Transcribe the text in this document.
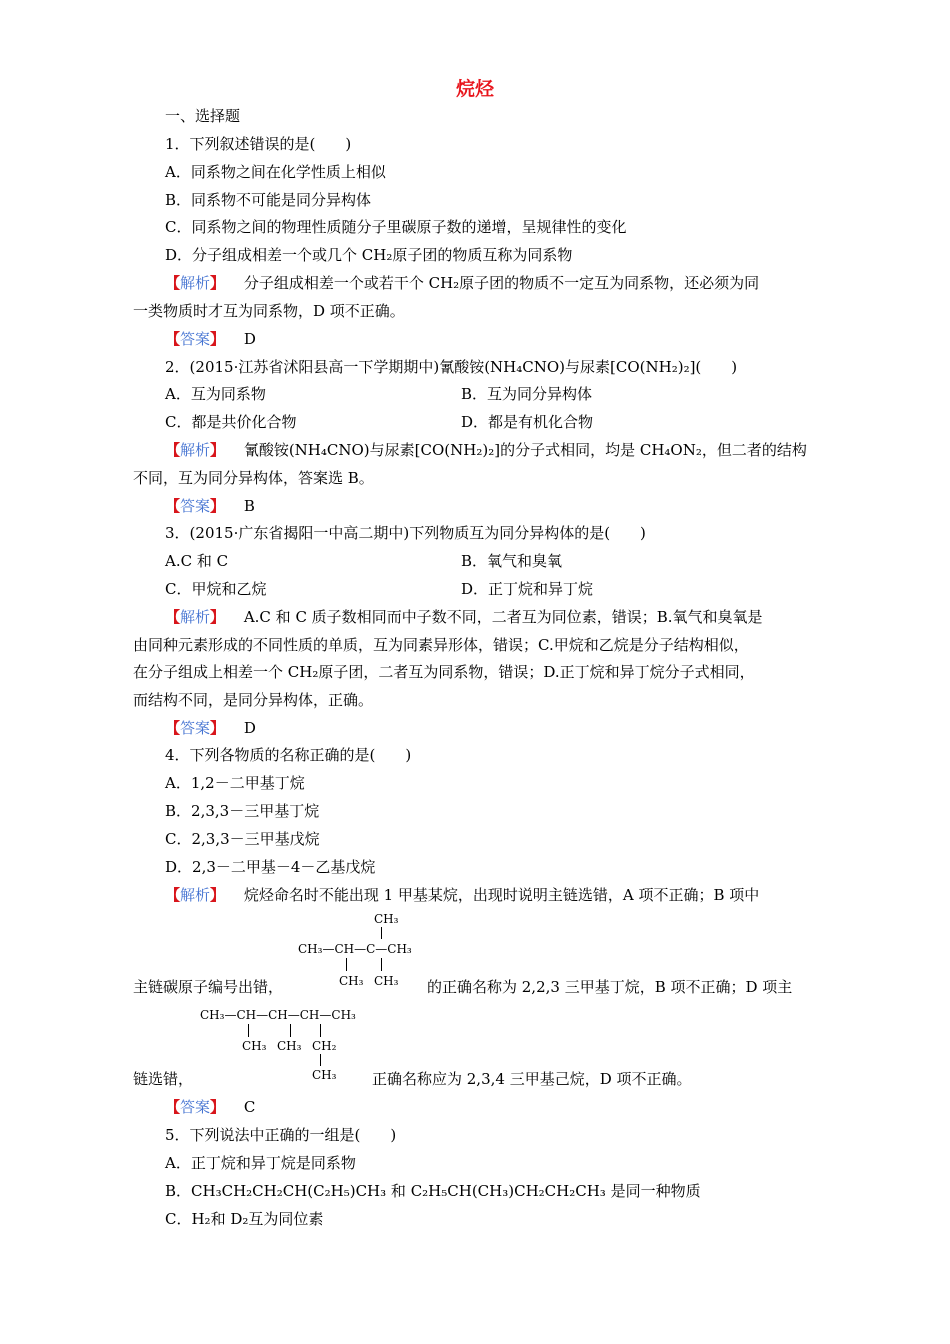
烷烃
一、选择题
1．下列叙述错误的是(　　)
A．同系物之间在化学性质上相似
B．同系物不可能是同分异构体
C．同系物之间的物理性质随分子里碳原子数的递增，呈规律性的变化
D．分子组成相差一个或几个 CH₂原子团的物质互称为同系物
【解析】 分子组成相差一个或若干个 CH₂原子团的物质不一定互为同系物，还必须为同
一类物质时才互为同系物，D 项不正确。
【答案】 D
2．(2015·江苏省沭阳县高一下学期期中)氰酸铵(NH₄CNO)与尿素[CO(NH₂)₂](　　)
A．互为同系物	B．互为同分异构体
C．都是共价化合物	D．都是有机化合物
【解析】 氰酸铵(NH₄CNO)与尿素[CO(NH₂)₂]的分子式相同，均是 CH₄ON₂，但二者的结构
不同，互为同分异构体，答案选 B。
【答案】 B
3．(2015·广东省揭阳一中高二期中)下列物质互为同分异构体的是(　　)
A.C 和 C	B．氧气和臭氧
C．甲烷和乙烷	D．正丁烷和异丁烷
【解析】 A.C 和 C 质子数相同而中子数不同，二者互为同位素，错误；B.氧气和臭氧是
由同种元素形成的不同性质的单质，互为同素异形体，错误；C.甲烷和乙烷是分子结构相似，
在分子组成上相差一个 CH₂原子团，二者互为同系物，错误；D.正丁烷和异丁烷分子式相同，
而结构不同，是同分异构体，正确。
【答案】 D
4．下列各物质的名称正确的是(　　)
A．1,2－二甲基丁烷
B．2,3,3－三甲基丁烷
C．2,3,3－三甲基戊烷
D．2,3－二甲基－4－乙基戊烷
【解析】 烷烃命名时不能出现 1 甲基某烷，出现时说明主链选错，A 项不正确；B 项中
CH₃
CH₃—CH—C—CH₃
CH₃ CH₃
主链碳原子编号出错，	的正确名称为 2,2,3 三甲基丁烷，B 项不正确；D 项主
CH₃—CH—CH—CH—CH₃
CH₃ CH₃ CH₂
CH₃
链选错，	正确名称应为 2,3,4 三甲基己烷，D 项不正确。
【答案】 C
5．下列说法中正确的一组是(　　)
A．正丁烷和异丁烷是同系物
B．CH₃CH₂CH₂CH(C₂H₅)CH₃ 和 C₂H₅CH(CH₃)CH₂CH₂CH₃ 是同一种物质
C．H₂和 D₂互为同位素
